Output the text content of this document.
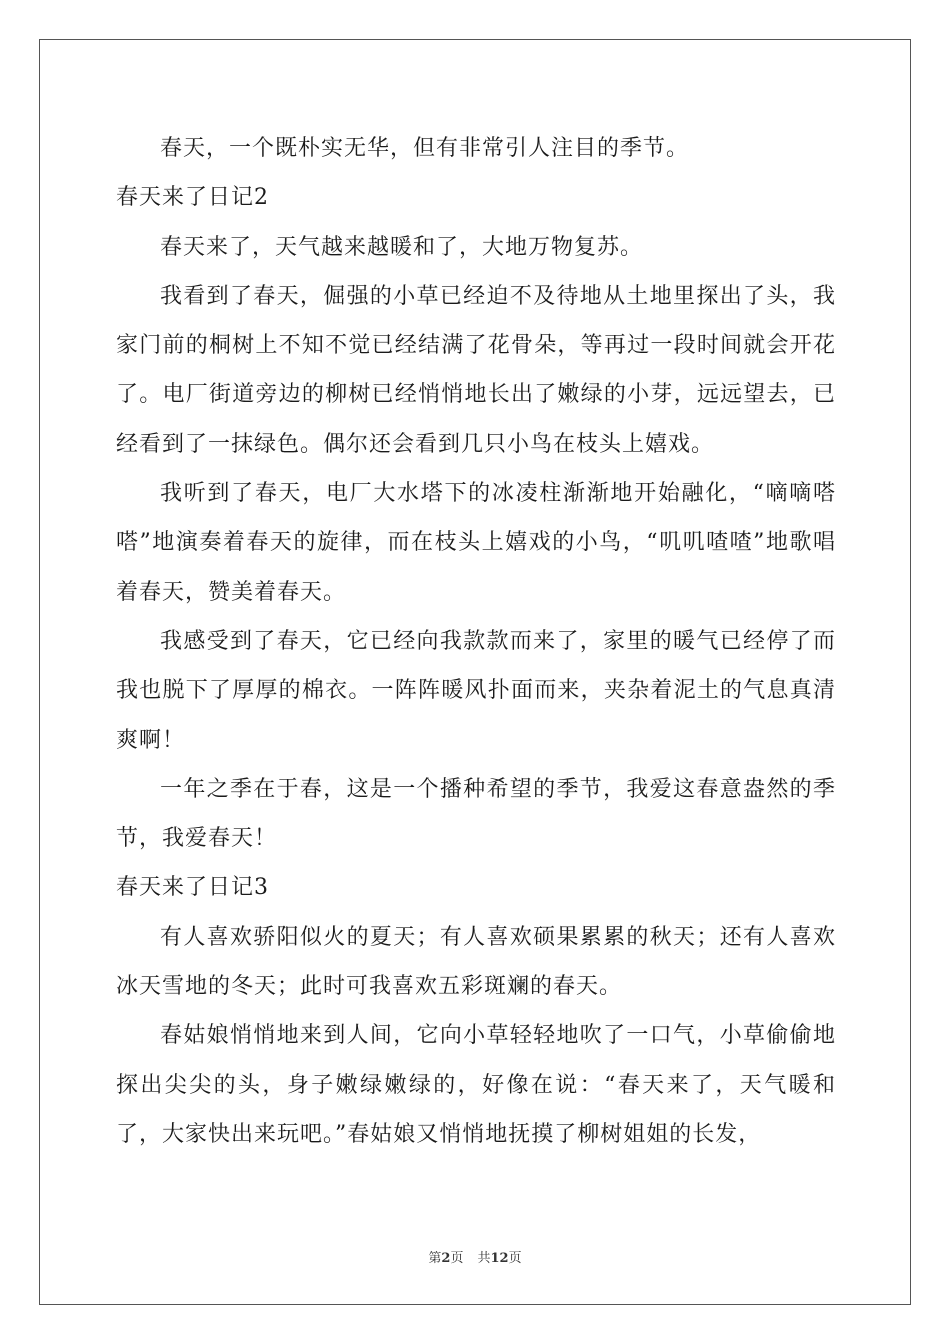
春天，一个既朴实无华，但有非常引人注目的季节。

春天来了日记2

春天来了，天气越来越暖和了，大地万物复苏。

我看到了春天，倔强的小草已经迫不及待地从土地里探出了头，我家门前的桐树上不知不觉已经结满了花骨朵，等再过一段时间就会开花了。电厂街道旁边的柳树已经悄悄地长出了嫩绿的小芽，远远望去，已经看到了一抹绿色。偶尔还会看到几只小鸟在枝头上嬉戏。

我听到了春天，电厂大水塔下的冰凌柱渐渐地开始融化，“嘀嘀嗒嗒”地演奏着春天的旋律，而在枝头上嬉戏的小鸟，“叽叽喳喳”地歌唱着春天，赞美着春天。

我感受到了春天，它已经向我款款而来了，家里的暖气已经停了而我也脱下了厚厚的棉衣。一阵阵暖风扑面而来，夹杂着泥土的气息真清爽啊！

一年之季在于春，这是一个播种希望的季节，我爱这春意盎然的季节，我爱春天！

春天来了日记3

有人喜欢骄阳似火的夏天；有人喜欢硕果累累的秋天；还有人喜欢冰天雪地的冬天；此时可我喜欢五彩斑斓的春天。

春姑娘悄悄地来到人间，它向小草轻轻地吹了一口气，小草偷偷地探出尖尖的头，身子嫩绿嫩绿的，好像在说：“春天来了，天气暖和了，大家快出来玩吧。”春姑娘又悄悄地抚摸了柳树姐姐的长发，

第2页 共12页
